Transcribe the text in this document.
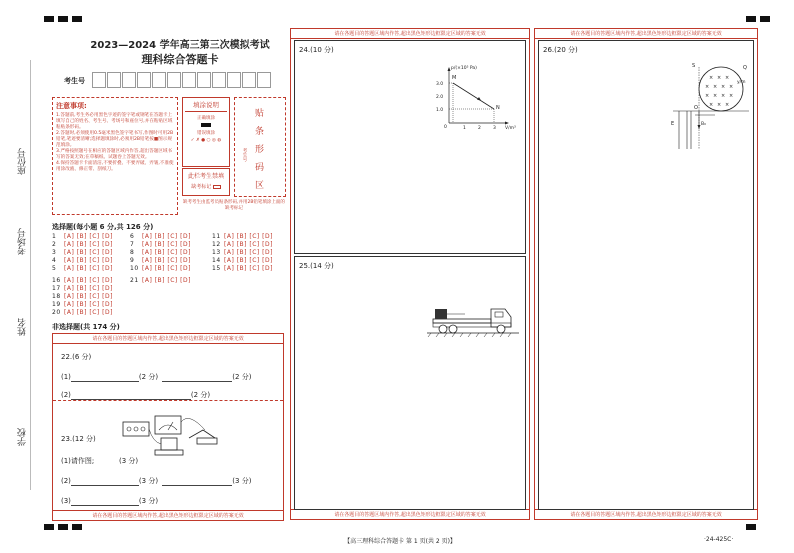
座位号
考场号
姓名
学校
2023—2024 学年高三第三次模拟考试
理科综合答题卡
考生号
注意事项:
1.答题前,考生务必用黑色字迹的签字笔或钢笔在答题卡上填写自己的姓名、考生号、考场号和座位号,并在粘贴区域粘贴条形码。
2.答题时,必须使用0.5毫米黑色签字笔书写,作图时可用2B铅笔,笔迹要清晰;选择题填涂时,必须用2B铅笔按■图示规范填涂。
3.严格按照题号在相应的答题区域内作答,超出答题区域书写的答案无效;在草稿纸、试题卷上答题无效。
4.保持答题卡卡面清洁,不要折叠、不要弄破、弄皱,不准使用涂改液、修正带、刮纸刀。
填涂说明
正确填涂
错误填涂
✓ ✗ ● ○ ◎ ◍
此栏考生禁填
缺考标记
考生号
贴
条
形
码
区
缺考考生由监考员贴条形码,并用2B铅笔填涂上面的缺考标记
选择题(每小题 6 分,共 126 分)
1 [A] [B] [C] [D]
2 [A] [B] [C] [D]
3 [A] [B] [C] [D]
4 [A] [B] [C] [D]
5 [A] [B] [C] [D]
16 [A] [B] [C] [D]
17 [A] [B] [C] [D]
18 [A] [B] [C] [D]
19 [A] [B] [C] [D]
20 [A] [B] [C] [D]
6 [A] [B] [C] [D]
7 [A] [B] [C] [D]
8 [A] [B] [C] [D]
9 [A] [B] [C] [D]
10 [A] [B] [C] [D]
21 [A] [B] [C] [D]
11 [A] [B] [C] [D]
12 [A] [B] [C] [D]
13 [A] [B] [C] [D]
14 [A] [B] [C] [D]
15 [A] [B] [C] [D]
非选择题(共 174 分)
请在各题目的答题区域内作答,超出黑色矩形边框限定区域的答案无效
请在各题目的答题区域内作答,超出黑色矩形边框限定区域的答案无效
22.(6 分)
(1)	(2 分)	(2 分)
(2)	(2 分)
23.(12 分)
(1)请作图;	(3 分)
(2)	(3 分)	(3 分)
(3)	(3 分)
请在各题目的答题区域内作答,超出黑色矩形边框限定区域的答案无效
请在各题目的答题区域内作答,超出黑色矩形边框限定区域的答案无效
24.(10 分)
p/(×10⁵ Pa)
V/m³
0
3.0
2.0
1.0
1	2	3
M
N
25.(14 分)
请在各题目的答题区域内作答,超出黑色矩形边框限定区域的答案无效
请在各题目的答题区域内作答,超出黑色矩形边框限定区域的答案无效
26.(20 分)
× × ×
× × × ×
× × × ×
× × ×
S	Q
O
y/m
B₀
E
【高三理科综合答题卡 第 1 页(共 2 页)】	·24-425C·
